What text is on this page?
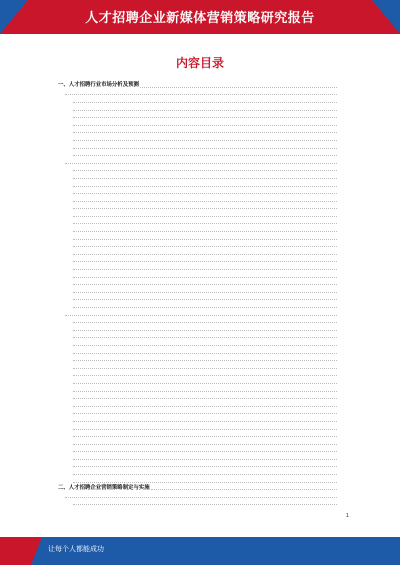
人才招聘企业新媒体营销策略研究报告
内容目录
一、人才招聘行业市场分析及预测
二、人才招聘企业营销策略制定与实施
1
让每个人都能成功
